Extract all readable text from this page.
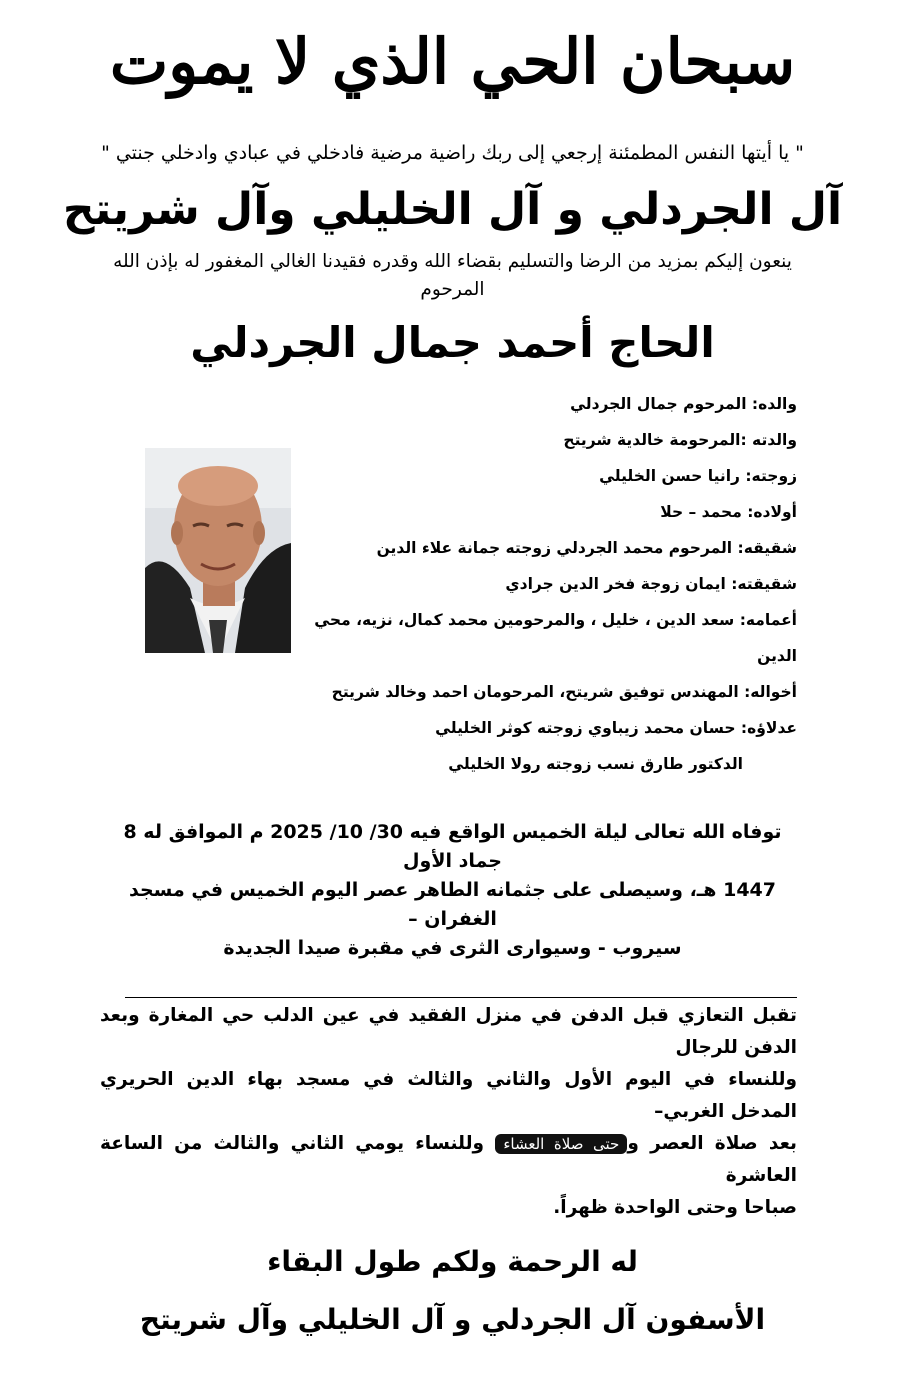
سبحان الحي الذي لا يموت
" يا أيتها النفس المطمئنة إرجعي إلى ربك راضية مرضية فادخلي في عبادي وادخلي جنتي "
آل الجردلي و آل الخليلي وآل شريتح
ينعون إليكم بمزيد من الرضا والتسليم بقضاء الله وقدره فقيدنا الغالي المغفور له بإذن الله
المرحوم
الحاج أحمد جمال الجردلي
والده: المرحوم جمال الجردلي
والدته :المرحومة خالدية شريتح
زوجته: رانيا حسن الخليلي
أولاده: محمد – حلا
شقيقه: المرحوم محمد الجردلي زوجته جمانة علاء الدين
شقيقته: ايمان زوجة فخر الدين جرادي
أعمامه: سعد الدين ، خليل ، والمرحومين محمد كمال، نزيه، محي الدين
أخواله: المهندس توفيق شريتح، المرحومان احمد وخالد شريتح
عدلاؤه: حسان محمد زيباوي زوجته كوثر الخليلي
الدكتور طارق نسب زوجته رولا الخليلي
توفاه الله تعالى ليلة الخميس الواقع فيه 30/ 10/ 2025 م الموافق له 8 جماد الأول
1447 هـ، وسيصلى على جثمانه الطاهر عصر اليوم الخميس في مسجد الغفران –
سيروب - وسيوارى الثرى في مقبرة صيدا الجديدة
تقبل التعازي قبل الدفن في منزل الفقيد في عين الدلب حي المغارة وبعد الدفن للرجال
وللنساء في اليوم الأول والثاني والثالث في مسجد بهاء الدين الحريري المدخل الغربي–
بعد صلاة العصر وحتى صلاة العشاء وللنساء يومي الثاني والثالث من الساعة العاشرة
صباحا وحتى الواحدة ظهراً.
له الرحمة ولكم طول البقاء
الأسفون آل الجردلي و آل الخليلي وآل شريتح
